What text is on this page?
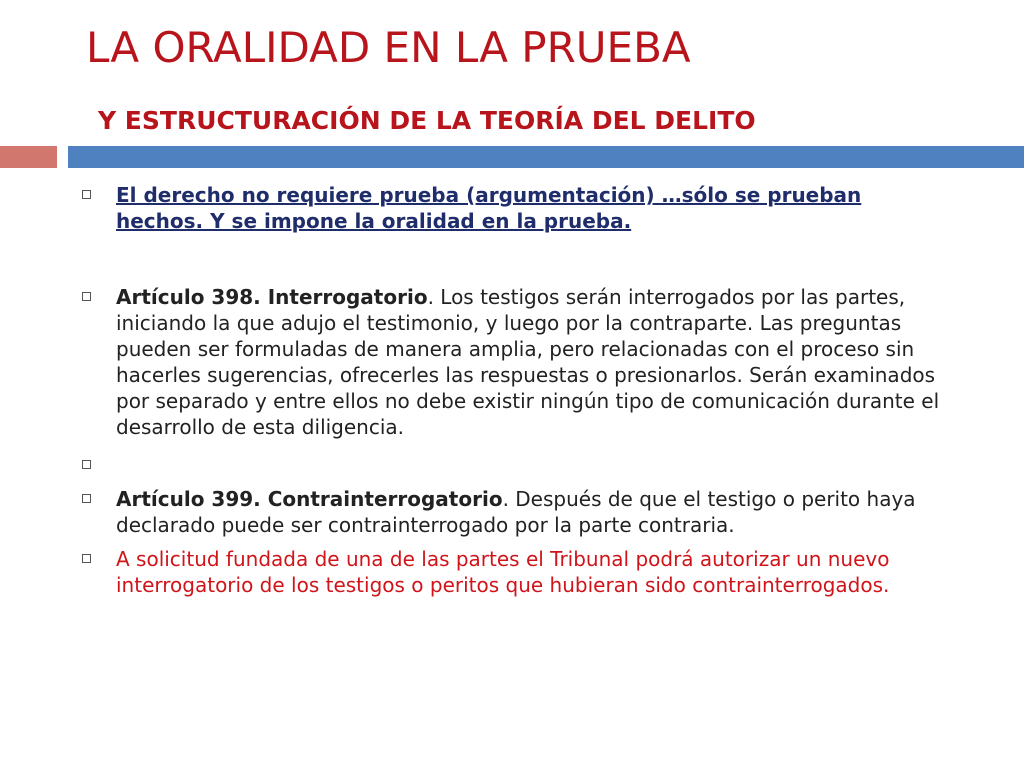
LA ORALIDAD EN LA PRUEBA
Y ESTRUCTURACIÓN DE LA TEORÍA DEL DELITO
El derecho no requiere prueba (argumentación) …sólo se prueban hechos. Y se impone la oralidad en la prueba.
Artículo 398. Interrogatorio. Los testigos serán interrogados por las partes, iniciando la que adujo el testimonio, y luego por la contraparte. Las preguntas pueden ser formuladas de manera amplia, pero relacionadas con el proceso sin hacerles sugerencias, ofrecerles las respuestas o presionarlos. Serán examinados por separado y entre ellos no debe existir ningún tipo de comunicación durante el desarrollo de esta diligencia.
Artículo 399. Contrainterrogatorio. Después de que el testigo o perito haya declarado puede ser contrainterrogado por la parte contraria.
A solicitud fundada de una de las partes el Tribunal podrá autorizar un nuevo interrogatorio de los testigos o peritos que hubieran sido contrainterrogados.
